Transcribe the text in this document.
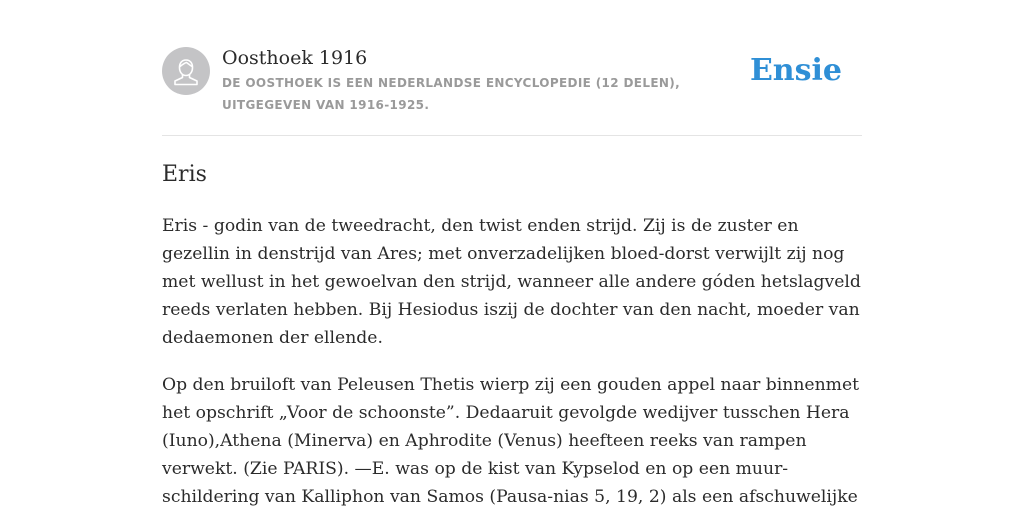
Oosthoek 1916
DE OOSTHOEK IS EEN NEDERLANDSE ENCYCLOPEDIE (12 DELEN), UITGEGEVEN VAN 1916-1925.
Ensie
Eris

Eris - godin van de tweedracht, den twist enden strijd. Zij is de zuster en gezellin in denstrijd van Ares; met onverzadelijken bloed-dorst verwijlt zij nog met wellust in het gewoelvan den strijd, wanneer alle andere góden hetslagveld reeds verlaten hebben. Bij Hesiodus iszij de dochter van den nacht, moeder van dedaemonen der ellende.

Op den bruiloft van Peleusen Thetis wierp zij een gouden appel naar binnenmet het opschrift „Voor de schoonste”. Dedaaruit gevolgde wedijver tusschen Hera (Iuno),Athena (Minerva) en Aphrodite (Venus) heefteen reeks van rampen verwekt. (Zie PARIS). —E. was op de kist van Kypselod en op een muur-schildering van Kalliphon van Samos (Pausa-nias 5, 19, 2) als een afschuwelijke
